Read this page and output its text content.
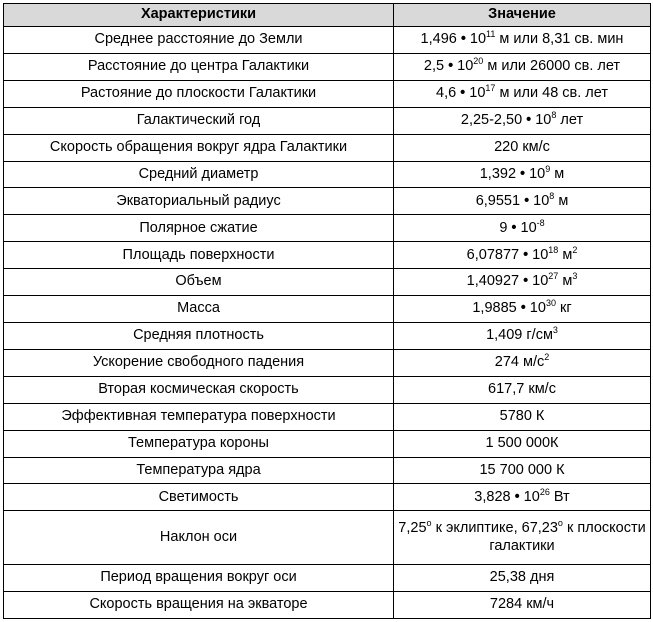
Характеристики	Значение
Среднее расстояние до Земли	1,496 • $10^{11}$ м или 8,31 св. мин
Расстояние до центра Галактики	2,5 • $10^{20}$ м или 26000 св. лет
Растояние до плоскости Галактики	4,6 • $10^{17}$ м или 48 св. лет
Галактический год	2,25-2,50 • $10^8$ лет
Скорость обращения вокруг ядра Галактики	220 км/с
Средний диаметр	1,392 • $10^9$ м
Экваториальный радиус	6,9551 • $10^8$ м
Полярное сжатие	9 • $10^{-8}$
Площадь поверхности	6,07877 • $10^{18}$ $м^2$
Объем	1,40927 • $10^{27}$ $м^3$
Масса	1,9885 • $10^{30}$ кг
Средняя плотность	1,409 $г/см^3$
Ускорение свободного падения	274 $м/с^2$
Вторая космическая скорость	617,7 км/с
Эффективная температура поверхности	5780 К
Температура короны	1 500 000К
Температура ядра	15 700 000 К
Светимость	3,828 • $10^{26}$ Вт
Наклон оси	$7,25^о$ к эклиптике, $67,23^о$ к плоскости галактики
Период вращения вокруг оси	25,38 дня
Скорость вращения на экваторе	7284 км/ч
